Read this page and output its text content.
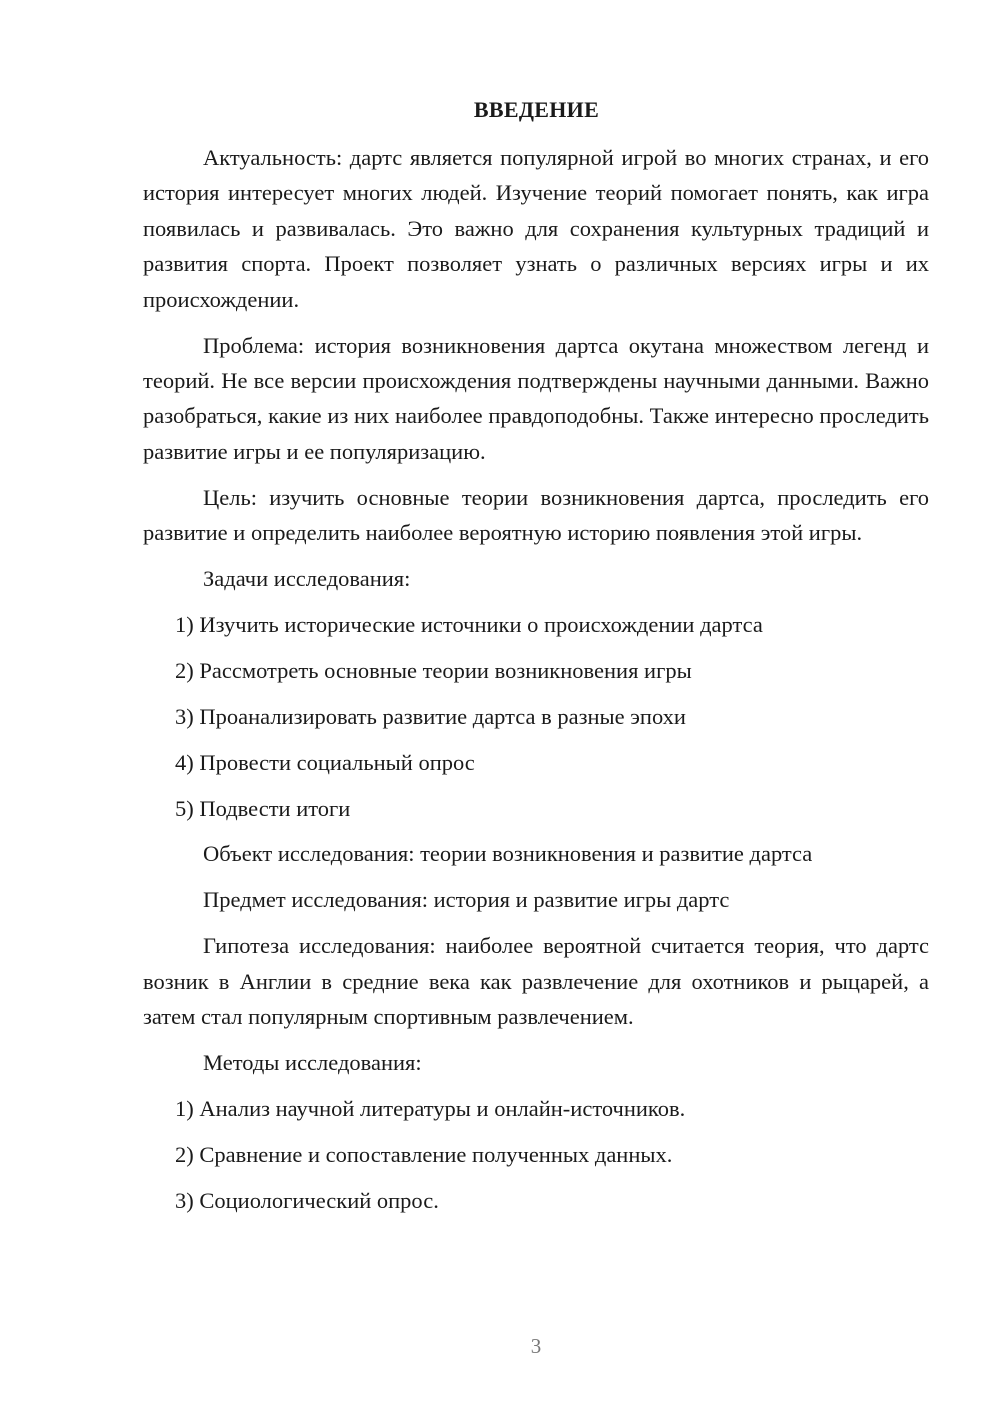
ВВЕДЕНИЕ

Актуальность: дартс является популярной игрой во многих странах, и его история интересует многих людей. Изучение теорий помогает понять, как игра появилась и развивалась. Это важно для сохранения культурных традиций и развития спорта. Проект позволяет узнать о различных версиях игры и их происхождении.

Проблема: история возникновения дартса окутана множеством легенд и теорий. Не все версии происхождения подтверждены научными данными. Важно разобраться, какие из них наиболее правдоподобны. Также интересно проследить развитие игры и ее популяризацию.

Цель: изучить основные теории возникновения дартса, проследить его развитие и определить наиболее вероятную историю появления этой игры.

Задачи исследования:

1) Изучить исторические источники о происхождении дартса

2) Рассмотреть основные теории возникновения игры

3) Проанализировать развитие дартса в разные эпохи

4) Провести социальный опрос

5) Подвести итоги

Объект исследования: теории возникновения и развитие дартса

Предмет исследования: история и развитие игры дартс

Гипотеза исследования: наиболее вероятной считается теория, что дартс возник в Англии в средние века как развлечение для охотников и рыцарей, а затем стал популярным спортивным развлечением.

Методы исследования:

1) Анализ научной литературы и онлайн-источников.

2) Сравнение и сопоставление полученных данных.

3) Социологический опрос.

3
